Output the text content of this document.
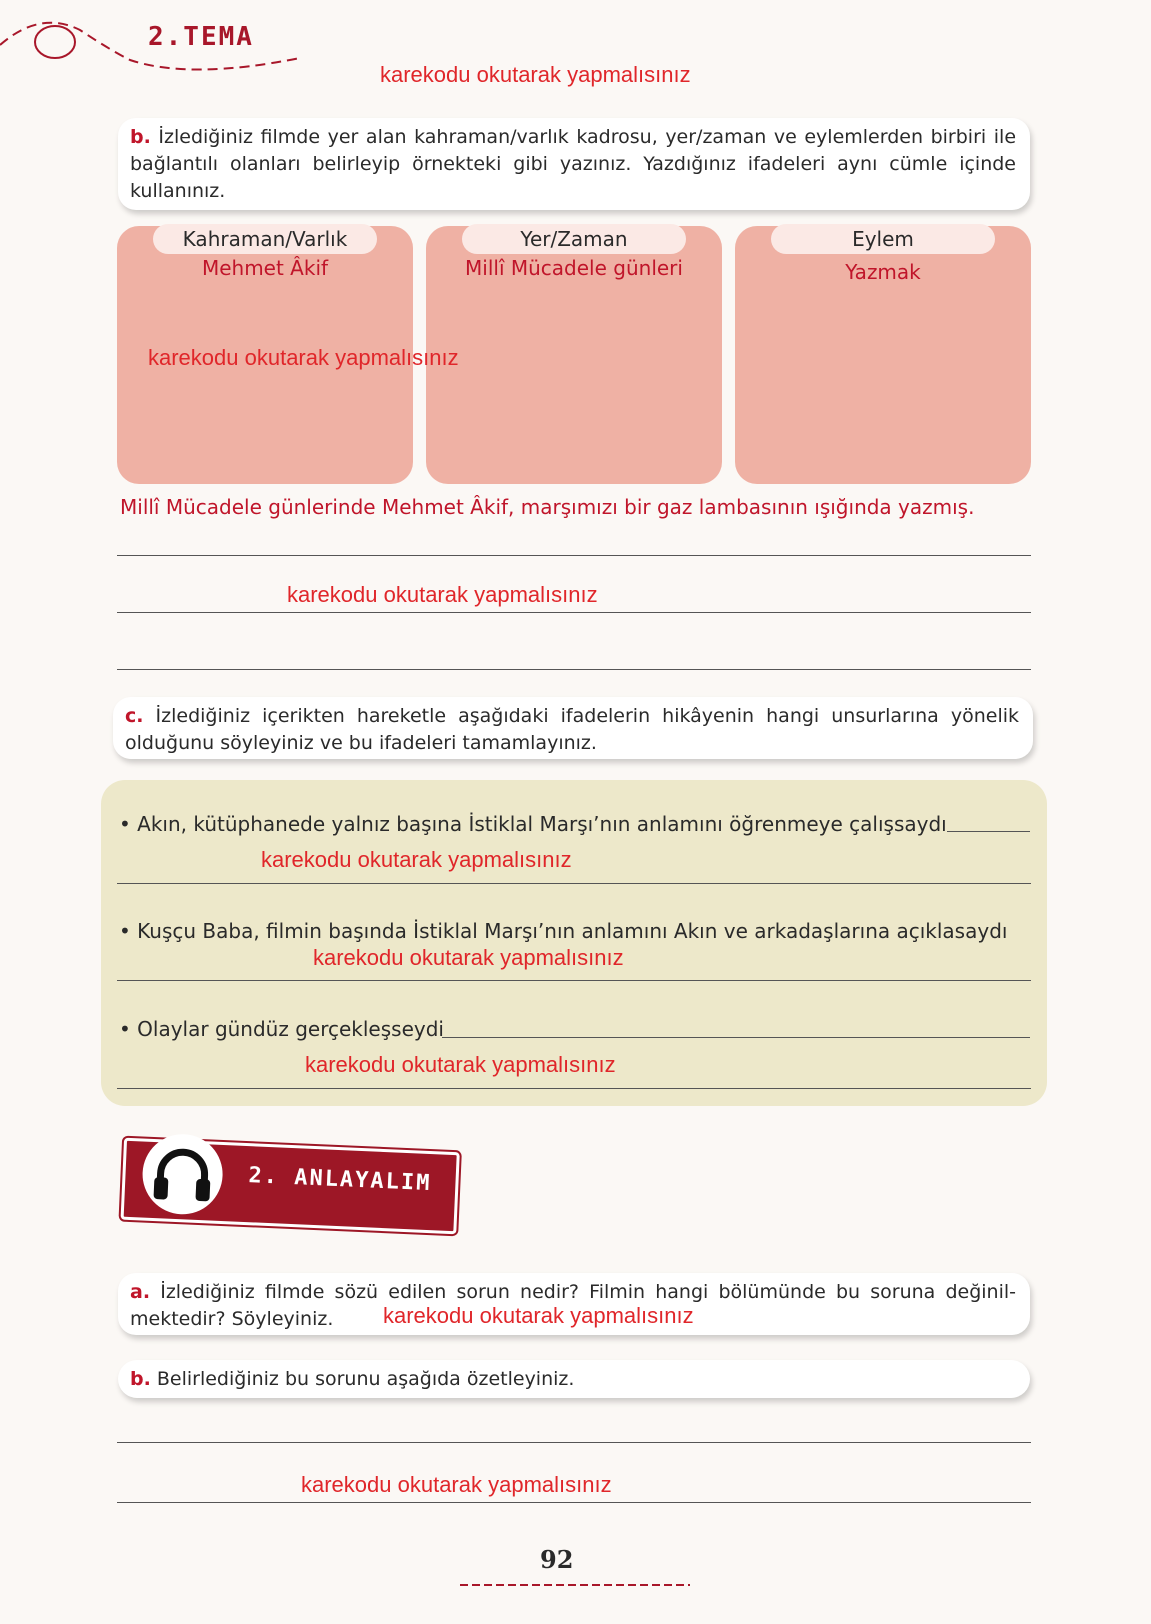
2.TEMA
karekodu okutarak yapmalısınız
b. İzlediğiniz filmde yer alan kahraman/varlık kadrosu, yer/zaman ve eylemlerden birbiri ile bağlantılı olanları belirleyip örnekteki gibi yazınız. Yazdığınız ifadeleri aynı cümle içinde kullanınız.
Kahraman/Varlık
Mehmet Âkif
Yer/Zaman
Millî Mücadele günleri
Eylem
Yazmak
karekodu okutarak yapmalısınız
Millî Mücadele günlerinde Mehmet Âkif, marşımızı bir gaz lambasının ışığında yazmış.
karekodu okutarak yapmalısınız
c. İzlediğiniz içerikten hareketle aşağıdaki ifadelerin hikâyenin hangi unsurlarına yönelik olduğunu söyleyiniz ve bu ifadeleri tamamlayınız.
• Akın, kütüphanede yalnız başına İstiklal Marşı’nın anlamını öğrenmeye çalışsaydı
karekodu okutarak yapmalısınız
• Kuşçu Baba, filmin başında İstiklal Marşı’nın anlamını Akın ve arkadaşlarına açıklasaydı
karekodu okutarak yapmalısınız
• Olaylar gündüz gerçekleşseydi
karekodu okutarak yapmalısınız
2. ANLAYALIM
a. İzlediğiniz filmde sözü edilen sorun nedir? Filmin hangi bölümünde bu soruna değinil-mektedir? Söyleyiniz.	karekodu okutarak yapmalısınız
b. Belirlediğiniz bu sorunu aşağıda özetleyiniz.
karekodu okutarak yapmalısınız
92
